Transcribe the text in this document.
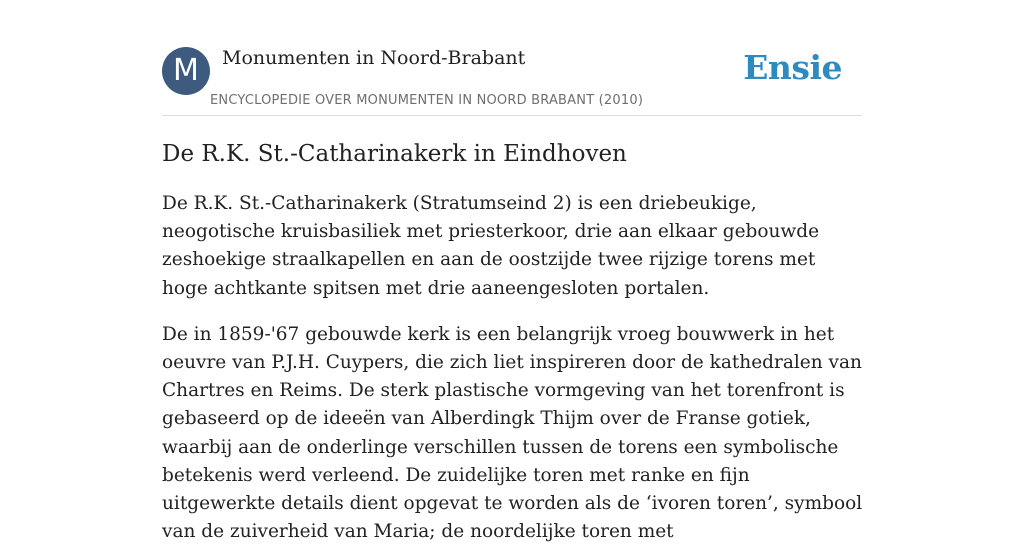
M	Monumenten in Noord-Brabant
ENCYCLOPEDIE OVER MONUMENTEN IN NOORD BRABANT (2010)
Ensie
De R.K. St.-Catharinakerk in Eindhoven

De R.K. St.-Catharinakerk (Stratumseind 2) is een driebeukige, neogotische kruisbasiliek met priesterkoor, drie aan elkaar gebouwde zeshoekige straalkapellen en aan de oostzijde twee rijzige torens met hoge achtkante spitsen met drie aaneengesloten portalen.

De in 1859-'67 gebouwde kerk is een belangrijk vroeg bouwwerk in het oeuvre van P.J.H. Cuypers, die zich liet inspireren door de kathedralen van Chartres en Reims. De sterk plastische vormgeving van het torenfront is gebaseerd op de ideeën van Alberdingk Thijm over de Franse gotiek, waarbij aan de onderlinge verschillen tussen de torens een symbolische betekenis werd verleend. De zuidelijke toren met ranke en fijn uitgewerkte details dient opgevat te worden als de ‘ivoren toren’, symbool van de zuiverheid van Maria; de noordelijke toren met
